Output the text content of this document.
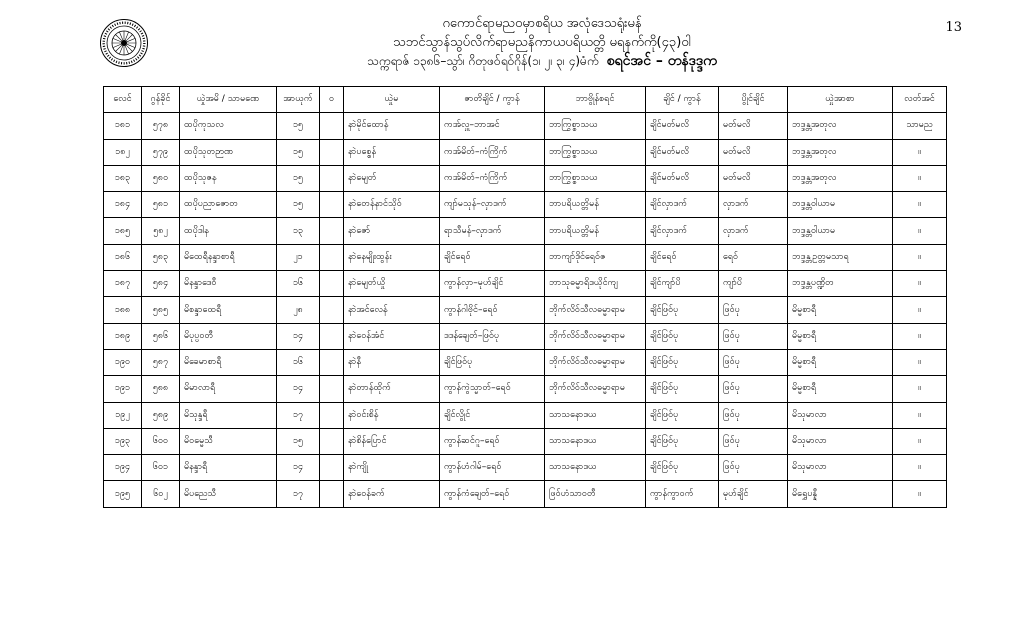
ဂကောင်ရာမည၀မှာစရိယ အလုံဒေသရုံးမန်
သဘင်သွာန်သွပ်လိက်ရာမညနိကာယပရိယတ္တိ မရနက်ကို(၄၃)ဝါ
သက္ကရာဇ် ၁၃၈၆–သွာ်၊ ဂိတုဖဝ်ရဝ်ဂိုန်(၁၊ ၂၊ ၃၊ ၄)မံက် စရင်အင် – တန်ဒုဒ္ဒက
13
လေင်	ဂွန်ခိုင်	ယှုဲအမိ / သာမဏေ	အာယုက်	ဝ	ယှုဲမ	ဇာတိချိင် / ကွာန်	ဘာဗွိုန်စရင်	ချိင် / ကွာန်	ပွိုင်ချိင်	ယှုဲအာစာ	လတ်အင်
၁၈၁	၅၇၈	ထပိုကုသလ	၁၅		နာဲမိုင်ထောန်	ကအ်လှူ–ဘာအင်	ဘာကြွစ္စာသယ	ချိင်မတ်မလိ	မတ်မလိ	ဘဒ္ဒန္တအတုလ	သာမည
၁၈၂	၅၇၉	ထပိုသုတဉာဏ	၁၅		နာဲပစ္စေန်	ကအ်မိတ်–ကံကြိက်	ဘာကြွစ္စာသယ	ချိင်မတ်မလိ	မတ်မလိ	ဘဒ္ဒန္တအတုလ	။
၁၈၃	၅၈၀	ထပိုသုဇန	၁၅		နာဲမျေတ်	ကအ်မိတ်–ကံကြိက်	ဘာကြွစ္စာသယ	ချိင်မတ်မလိ	မတ်မလိ	ဘဒ္ဒန္တအတုလ	။
၁၈၄	၅၈၁	ထပိုပညာဇောတ	၁၅		နာဲတေန်နာင်သိုဝ်	ကျာ်မသုန်–လှာဒက်	ဘာပရိယတ္တိမန်	ချိင်လှာဒက်	လှာဒက်	ဘဒ္ဒန္တဝါယာမ	။
၁၈၅	၅၈၂	ထပိုဒါန	၁၃		နာဲဇော်	ရာသီမန်–လှာဒက်	ဘာပရိယတ္တိမန်	ချိင်လှာဒက်	လှာဒက်	ဘဒ္ဒန္တဝါယာမ	။
၁၈၆	၅၈၃	မိထေရီနန္ဒာစာရီ	၂၁		နာဲနေမျိုးထွန်း	ချိင်ရေဝ်	ဘာကျာ်ဒိုင်ရေဝ်ဇ	ချိင်ရေဝ်	ရေဝ်	ဘဒ္ဒန္တဥတ္တမသာရ	။
၁၈၇	၅၈၄	မိနန္ဒာဒေဝီ	၁၆		နာဲမျေတ်ယှို	ကွာန်လှာ–မုဟ်ချိင်	ဘာသုဓမ္မာရိဒယိုင်ကျ	ချိင်ကျာ်ပိ	ကျာ်ပိ	ဘဒ္ဒန္တပဏ္ဍိတ	။
၁၈၈	၅၈၅	မိစန္ဒာထေရီ	၂၈		နာဲအင်လေန်	ကွာန်ဂါဗိုင်–ရေဝ်	ဘိုက်လိဝ်သီလဓမ္မာရာမ	ချိင်ဖြဝ်ပု	ဖြဝ်ပု	မိမ္မစာရီ	။
၁၈၉	၅၈၆	မိပုပ္ပဝတီ	၁၄		နာဲဝေန်အံင်	ဒဒန်ချေတ်–ဖြဝ်ပု	ဘိုက်လိဝ်သီလဓမ္မာရာမ	ချိင်ဖြဝ်ပု	ဖြဝ်ပု	မိမ္မစာရီ	။
၁၉၀	၅၈၇	မိခေမာစာရီ	၁၆		နာဲနီ	ချိင်ဖြဝ်ပု	ဘိုက်လိဝ်သီလဓမ္မာရာမ	ချိင်ဖြဝ်ပု	ဖြဝ်ပု	မိမ္မစာရီ	။
၁၉၁	၅၈၈	မိမာလာရီ	၁၄		နာဲတာန်ထိုက်	ကွာန်ကွဲသ္မာတ်–ရေဝ်	ဘိုက်လိဝ်သီလဓမ္မာရာမ	ချိင်ဖြဝ်ပု	ဖြဝ်ပု	မိမ္မစာရီ	။
၁၉၂	၅၈၉	မိသုန္ဒရီ	၁၇		နာဲဝင်းစိန်	ချိင်လွိုင်	သာသနောဒယ	ချိင်ဖြဝ်ပု	ဖြဝ်ပု	မိသုမာလာ	။
၁၉၃	၆၀၀	မိဝမ္မေသီ	၁၅		နာဲစိန်ပြောင်	ကွာန်ဆင်ဂူ–ရေဝ်	သာသနောဒယ	ချိင်ဖြဝ်ပု	ဖြဝ်ပု	မိသုမာလာ	။
၁၉၄	၆၀၁	မိနန္ဒာရီ	၁၄		နာဲကျို	ကွာန်ဟံဂါမ်–ရေဝ်	သာသနောဒယ	ချိင်ဖြဝ်ပု	ဖြဝ်ပု	မိသုမာလာ	။
၁၉၅	၆၀၂	မိပညေသီ	၁၇		နာဲဝေန်ခက်	ကွာန်ကံချေတ်–ရေဝ်	ဖြဝ်ဟံသာဝတီ	ကွာန်ကွာဝက်	မုဟ်ချိင်	မိရွှေပန္နီ	။
